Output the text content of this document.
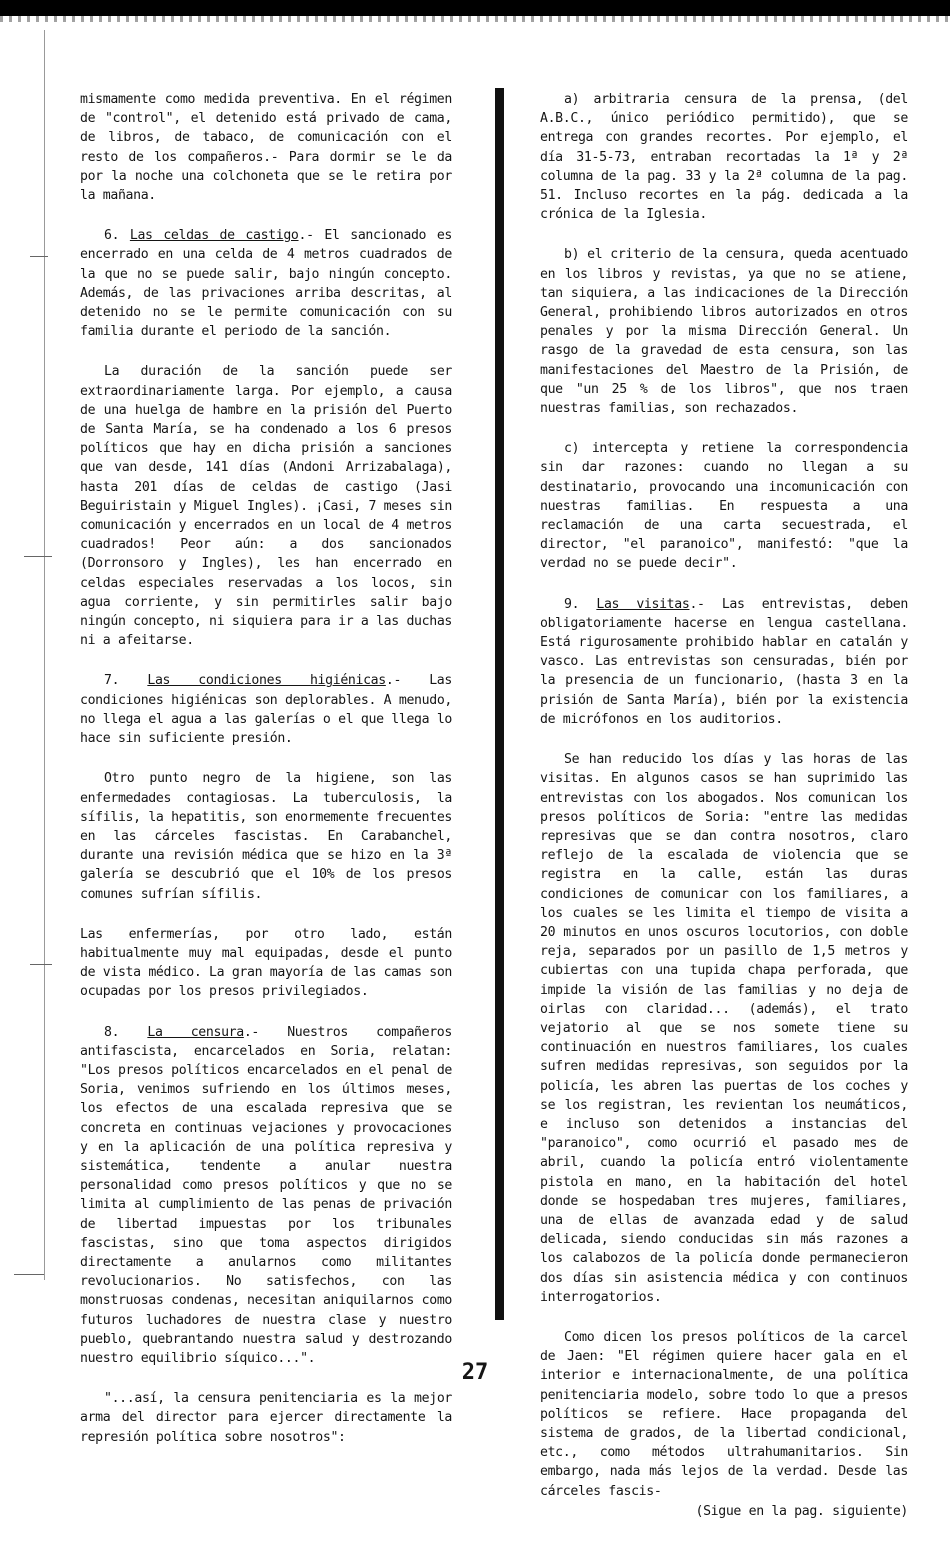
mismamente como medida preventiva. En el régimen de "control", el detenido está privado de cama, de libros, de tabaco, de comunicación con el resto de los compañeros.- Para dormir se le da por la noche una colchoneta que se le retira por la mañana.

6. Las celdas de castigo.- El sancionado es encerrado en una celda de 4 metros cuadrados de la que no se puede salir, bajo ningún concepto. Además, de las privaciones arriba descritas, al detenido no se le permite comunicación con su familia durante el periodo de la sanción.

La duración de la sanción puede ser extraordinariamente larga. Por ejemplo, a causa de una huelga de hambre en la prisión del Puerto de Santa María, se ha condenado a los 6 presos políticos que hay en dicha prisión a sanciones que van desde, 141 días (Andoni Arrizabalaga), hasta 201 días de celdas de castigo (Jasi Beguiristain y Miguel Ingles). ¡Casi, 7 meses sin comunicación y encerrados en un local de 4 metros cuadrados! Peor aún: a dos sancionados (Dorronsoro y Ingles), les han encerrado en celdas especiales reservadas a los locos, sin agua corriente, y sin permitirles salir bajo ningún concepto, ni siquiera para ir a las duchas ni a afeitarse.

7. Las condiciones higiénicas.- Las condiciones higiénicas son deplorables. A menudo, no llega el agua a las galerías o el que llega lo hace sin suficiente presión.

Otro punto negro de la higiene, son las enfermedades contagiosas. La tuberculosis, la sífilis, la hepatitis, son enormemente frecuentes en las cárceles fascistas. En Carabanchel, durante una revisión médica que se hizo en la 3ª galería se descubrió que el 10% de los presos comunes sufrían sífilis.

Las enfermerías, por otro lado, están habitualmente muy mal equipadas, desde el punto de vista médico. La gran mayoría de las camas son ocupadas por los presos privilegiados.

8. La censura.- Nuestros compañeros antifascista, encarcelados en Soria, relatan: "Los presos políticos encarcelados en el penal de Soria, venimos sufriendo en los últimos meses, los efectos de una escalada represiva que se concreta en continuas vejaciones y provocaciones y en la aplicación de una política represiva y sistemática, tendente a anular nuestra personalidad como presos políticos y que no se limita al cumplimiento de las penas de privación de libertad impuestas por los tribunales fascistas, sino que toma aspectos dirigidos directamente a anularnos como militantes revolucionarios. No satisfechos, con las monstruosas condenas, necesitan aniquilarnos como futuros luchadores de nuestra clase y nuestro pueblo, quebrantando nuestra salud y destrozando nuestro equilibrio síquico...".

"...así, la censura penitenciaria es la mejor arma del director para ejercer directamente la represión política sobre nosotros":

a) arbitraria censura de la prensa, (del A.B.C., único periódico permitido), que se entrega con grandes recortes. Por ejemplo, el día 31-5-73, entraban recortadas la 1ª y 2ª columna de la pag. 33 y la 2ª columna de la pag. 51. Incluso recortes en la pág. dedicada a la crónica de la Iglesia.

b) el criterio de la censura, queda acentuado en los libros y revistas, ya que no se atiene, tan siquiera, a las indicaciones de la Dirección General, prohibiendo libros autorizados en otros penales y por la misma Dirección General. Un rasgo de la gravedad de esta censura, son las manifestaciones del Maestro de la Prisión, de que "un 25 % de los libros", que nos traen nuestras familias, son rechazados.

c) intercepta y retiene la correspondencia sin dar razones: cuando no llegan a su destinatario, provocando una incomunicación con nuestras familias. En respuesta a una reclamación de una carta secuestrada, el director, "el paranoico", manifestó: "que la verdad no se puede decir".

9. Las visitas.- Las entrevistas, deben obligatoriamente hacerse en lengua castellana. Está rigurosamente prohibido hablar en catalán y vasco. Las entrevistas son censuradas, bién por la presencia de un funcionario, (hasta 3 en la prisión de Santa María), bién por la existencia de micrófonos en los auditorios.

Se han reducido los días y las horas de las visitas. En algunos casos se han suprimido las entrevistas con los abogados. Nos comunican los presos políticos de Soria: "entre las medidas represivas que se dan contra nosotros, claro reflejo de la escalada de violencia que se registra en la calle, están las duras condiciones de comunicar con los familiares, a los cuales se les limita el tiempo de visita a 20 minutos en unos oscuros locutorios, con doble reja, separados por un pasillo de 1,5 metros y cubiertas con una tupida chapa perforada, que impide la visión de las familias y no deja de oirlas con claridad... (además), el trato vejatorio al que se nos somete tiene su continuación en nuestros familiares, los cuales sufren medidas represivas, son seguidos por la policía, les abren las puertas de los coches y se los registran, les revientan los neumáticos, e incluso son detenidos a instancias del "paranoico", como ocurrió el pasado mes de abril, cuando la policía entró violentamente pistola en mano, en la habitación del hotel donde se hospedaban tres mujeres, familiares, una de ellas de avanzada edad y de salud delicada, siendo conducidas sin más razones a los calabozos de la policía donde permanecieron dos días sin asistencia médica y con continuos interrogatorios.

Como dicen los presos políticos de la carcel de Jaen: "El régimen quiere hacer gala en el interior e internacionalmente, de una política penitenciaria modelo, sobre todo lo que a presos políticos se refiere. Hace propaganda del sistema de grados, de la libertad condicional, etc., como métodos ultrahumanitarios. Sin embargo, nada más lejos de la verdad. Desde las cárceles fascis-

(Sigue en la pag. siguiente)

27
